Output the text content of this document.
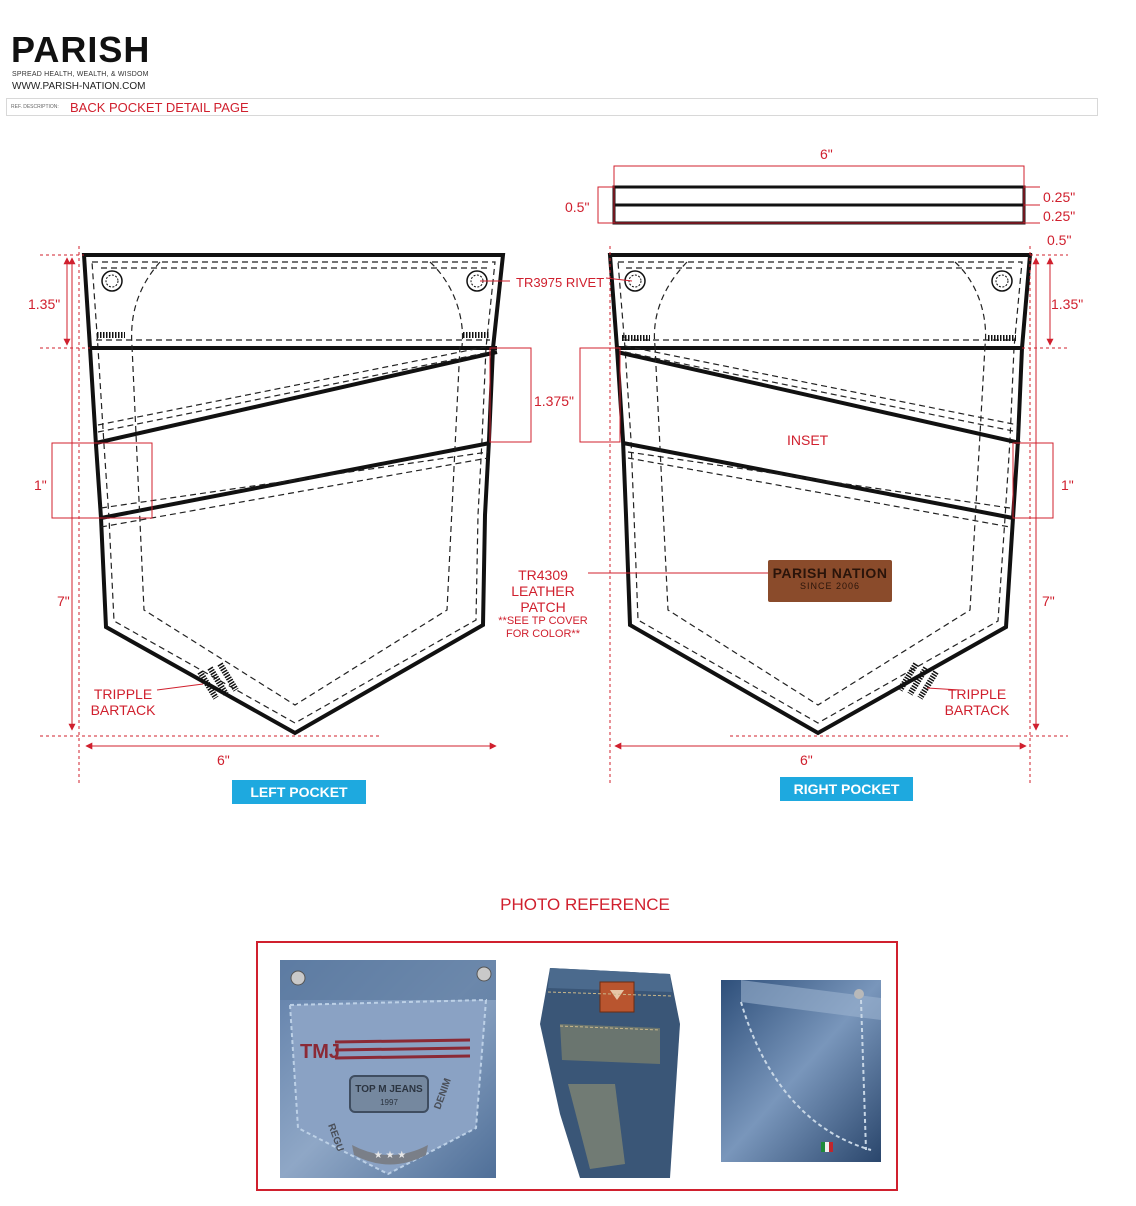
PARISH
SPREAD HEALTH, WEALTH, & WISDOM
WWW.PARISH-NATION.COM
REF. DESCRIPTION: BACK POCKET DETAIL PAGE
PARISH NATION
SINCE 2006
1.35"
1.375"
1"
7"
6"
TR3975 RIVET
TRIPPLE
BARTACK
LEFT POCKET
6"
0.5"
0.25"
0.25"
0.5"
1.35"
1"
7"
6"
INSET
TR4309
LEATHER
PATCH
**SEE TP COVER
FOR COLOR**
TRIPPLE
BARTACK
RIGHT POCKET
PHOTO REFERENCE
TMJ
TOP M JEANS
1997
REGU
DENIM
★ ★ ★
